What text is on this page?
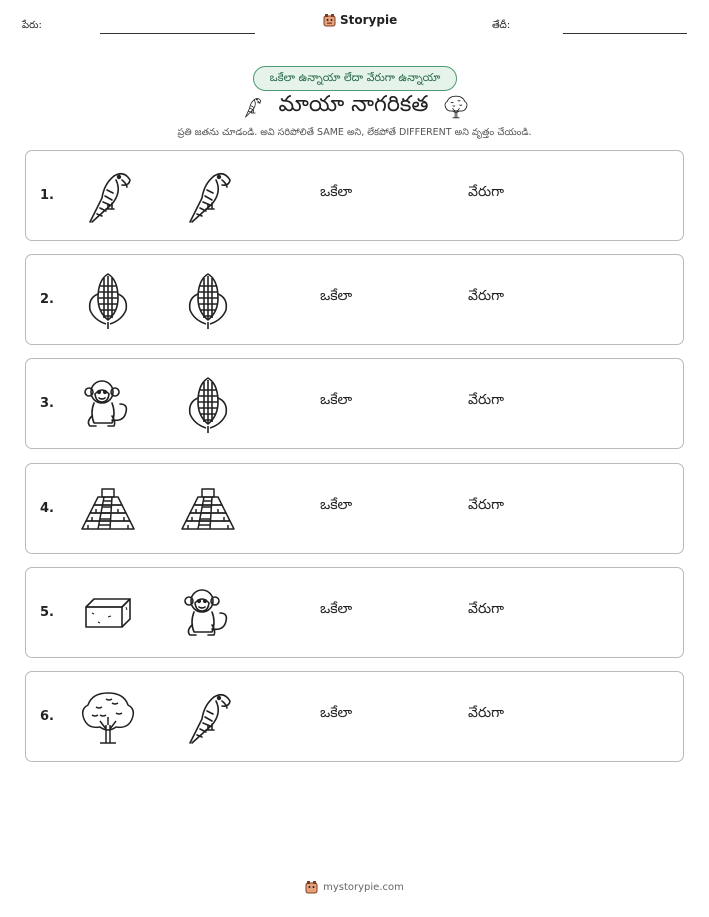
పేరు:	Storypie	తేదీ:
ఒకేలా ఉన్నాయా లేదా వేరుగా ఉన్నాయా
మాయా నాగరికత
ప్రతి జతను చూడండి. అవి సరిపోలితే SAME అని, లేకపోతే DIFFERENT అని వృత్తం చేయండి.
1.	ఒకేలా	వేరుగా
2.	ఒకేలా	వేరుగా
3.	ఒకేలా	వేరుగా
4.	ఒకేలా	వేరుగా
5.	ఒకేలా	వేరుగా
6.	ఒకేలా	వేరుగా
mystorypie.com
